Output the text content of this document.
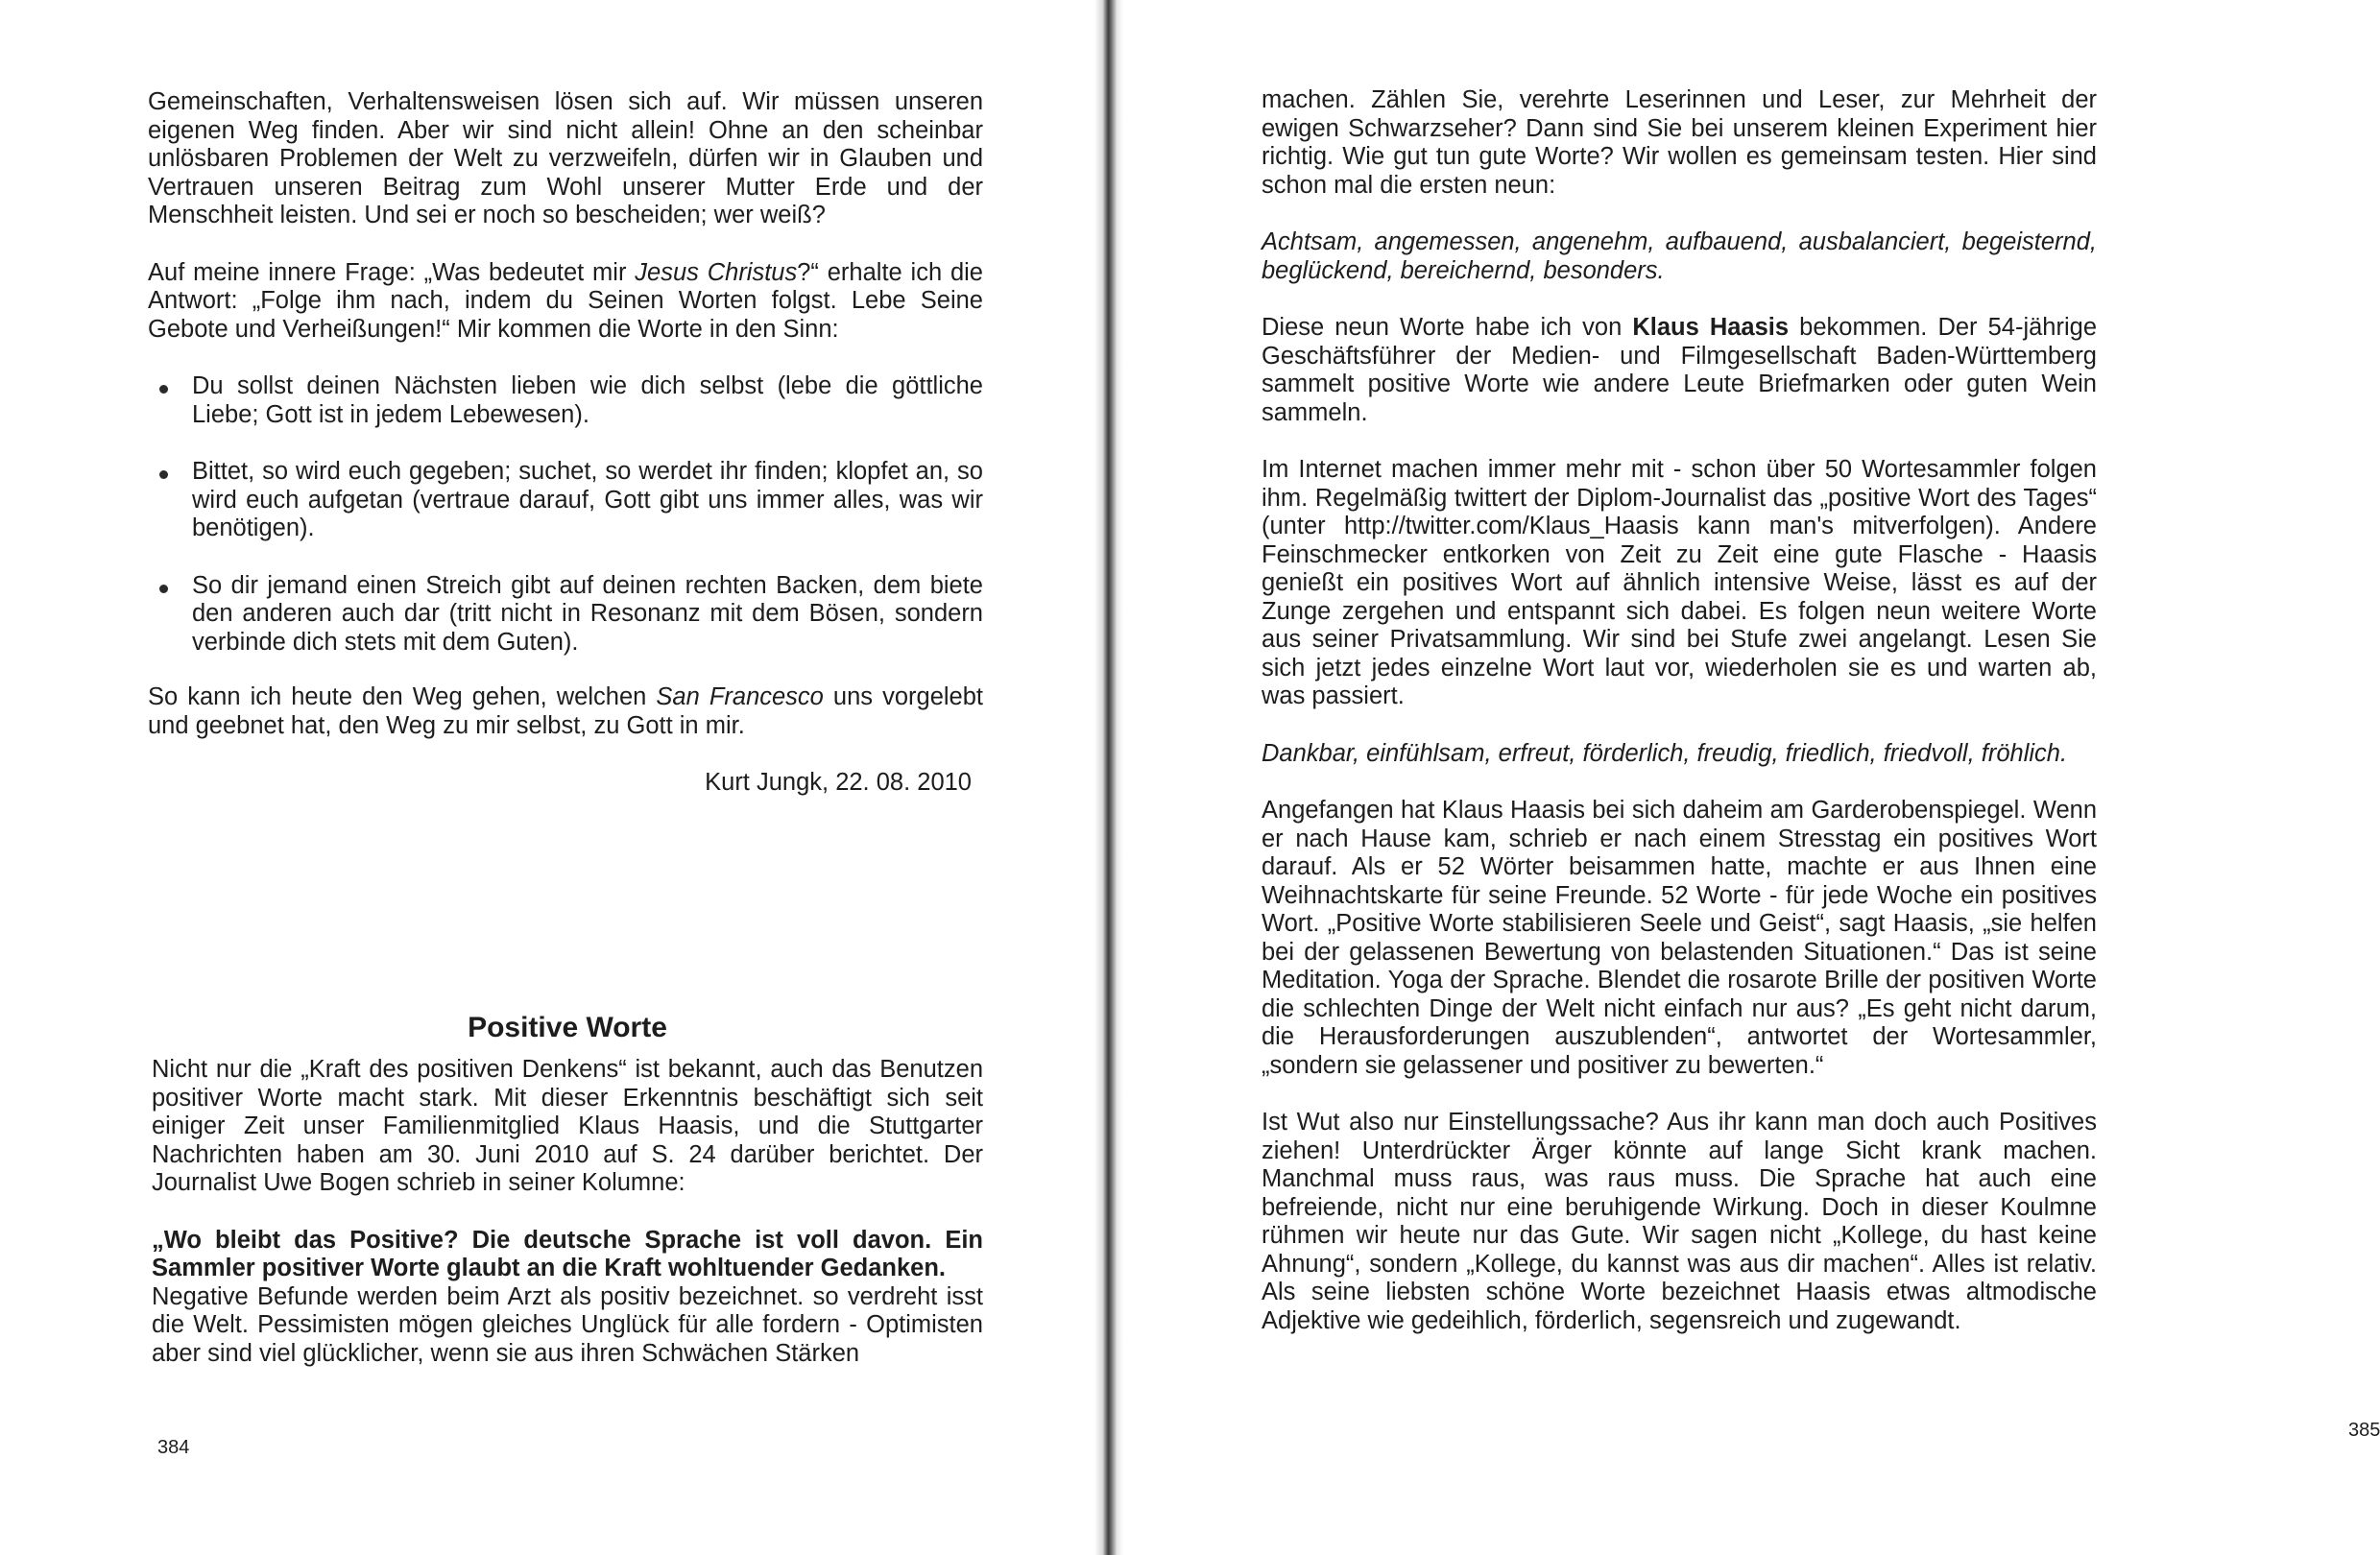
Gemeinschaften, Verhaltensweisen lösen sich auf. Wir müssen unseren eigenen Weg finden. Aber wir sind nicht allein! Ohne an den scheinbar unlösbaren Problemen der Welt zu verzweifeln, dürfen wir in Glauben und Vertrauen unseren Beitrag zum Wohl unserer Mutter Erde und der Menschheit leisten. Und sei er noch so bescheiden; wer weiß?

Auf meine innere Frage: „Was bedeutet mir Jesus Christus?“ erhalte ich die Antwort: „Folge ihm nach, indem du Seinen Worten folgst. Lebe Seine Gebote und Verheißungen!“ Mir kommen die Worte in den Sinn:

Du sollst deinen Nächsten lieben wie dich selbst (lebe die göttliche Liebe; Gott ist in jedem Lebewesen).
Bittet, so wird euch gegeben; suchet, so werdet ihr finden; klopfet an, so wird euch aufgetan (vertraue darauf, Gott gibt uns immer alles, was wir benötigen).
So dir jemand einen Streich gibt auf deinen rechten Backen, dem biete den anderen auch dar (tritt nicht in Resonanz mit dem Bösen, sondern verbinde dich stets mit dem Guten).

So kann ich heute den Weg gehen, welchen San Francesco uns vorgelebt und geebnet hat, den Weg zu mir selbst, zu Gott in mir.

Kurt Jungk, 22. 08. 2010
Positive Worte

Nicht nur die „Kraft des positiven Denkens“ ist bekannt, auch das Benutzen positiver Worte macht stark. Mit dieser Erkenntnis beschäftigt sich seit einiger Zeit unser Familienmitglied Klaus Haasis, und die Stuttgarter Nachrichten haben am 30. Juni 2010 auf S. 24 darüber berichtet. Der Journalist Uwe Bogen schrieb in seiner Kolumne:

„Wo bleibt das Positive? Die deutsche Sprache ist voll davon. Ein Sammler positiver Worte glaubt an die Kraft wohltuender Gedanken.

Negative Befunde werden beim Arzt als positiv bezeichnet. so verdreht isst die Welt. Pessimisten mögen gleiches Unglück für alle fordern - Optimisten aber sind viel glücklicher, wenn sie aus ihren Schwächen Stärken

384

machen. Zählen Sie, verehrte Leserinnen und Leser, zur Mehrheit der ewigen Schwarzseher? Dann sind Sie bei unserem kleinen Experiment hier richtig. Wie gut tun gute Worte? Wir wollen es gemeinsam testen. Hier sind schon mal die ersten neun:

Achtsam, angemessen, angenehm, aufbauend, ausbalanciert, begeisternd, beglückend, bereichernd, besonders.

Diese neun Worte habe ich von Klaus Haasis bekommen. Der 54-jährige Geschäftsführer der Medien- und Filmgesellschaft Baden-Württemberg sammelt positive Worte wie andere Leute Briefmarken oder guten Wein sammeln.

Im Internet machen immer mehr mit - schon über 50 Wortesammler folgen ihm. Regelmäßig twittert der Diplom-Journalist das „positive Wort des Tages“ (unter http://twitter.com/Klaus_Haasis kann man's mitverfolgen). Andere Feinschmecker entkorken von Zeit zu Zeit eine gute Flasche - Haasis genießt ein positives Wort auf ähnlich intensive Weise, lässt es auf der Zunge zergehen und entspannt sich dabei. Es folgen neun weitere Worte aus seiner Privatsammlung. Wir sind bei Stufe zwei angelangt. Lesen Sie sich jetzt jedes einzelne Wort laut vor, wiederholen sie es und warten ab, was passiert.

Dankbar, einfühlsam, erfreut, förderlich, freudig, friedlich, friedvoll, fröhlich.

Angefangen hat Klaus Haasis bei sich daheim am Garderobenspiegel. Wenn er nach Hause kam, schrieb er nach einem Stresstag ein positives Wort darauf. Als er 52 Wörter beisammen hatte, machte er aus Ihnen eine Weihnachtskarte für seine Freunde. 52 Worte - für jede Woche ein positives Wort. „Positive Worte stabilisieren Seele und Geist“, sagt Haasis, „sie helfen bei der gelassenen Bewertung von belastenden Situationen.“ Das ist seine Meditation. Yoga der Sprache. Blendet die rosarote Brille der positiven Worte die schlechten Dinge der Welt nicht einfach nur aus? „Es geht nicht darum, die Herausforderungen auszublenden“, antwortet der Wortesammler, „sondern sie gelassener und positiver zu bewerten.“

Ist Wut also nur Einstellungssache? Aus ihr kann man doch auch Positives ziehen! Unterdrückter Ärger könnte auf lange Sicht krank machen. Manchmal muss raus, was raus muss. Die Sprache hat auch eine befreiende, nicht nur eine beruhigende Wirkung. Doch in dieser Koulmne rühmen wir heute nur das Gute. Wir sagen nicht „Kollege, du hast keine Ahnung“, sondern „Kollege, du kannst was aus dir machen“. Alles ist relativ. Als seine liebsten schöne Worte bezeichnet Haasis etwas altmodische Adjektive wie gedeihlich, förderlich, segensreich und zugewandt.

385
